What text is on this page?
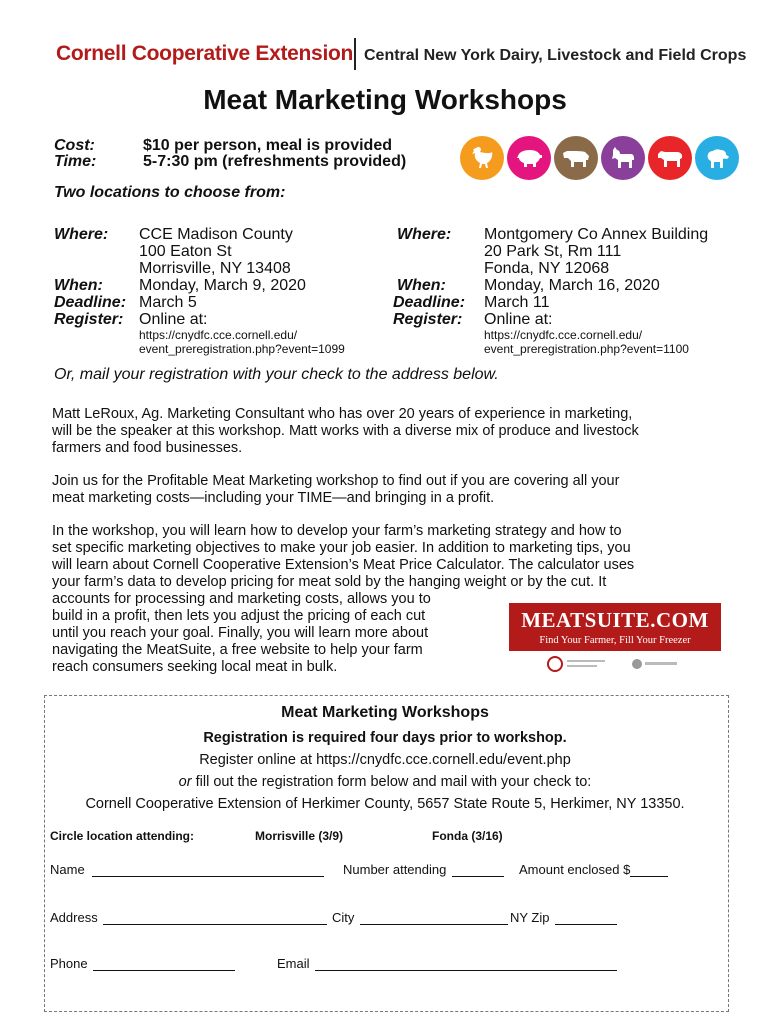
Cornell Cooperative Extension Central New York Dairy, Livestock and Field Crops
Meat Marketing Workshops
Cost:	$10 per person, meal is provided
Time:	5-7:30 pm (refreshments provided)
Two locations to choose from:
Where: CCE Madison County
100 Eaton St
Morrisville, NY 13408
When: Monday, March 9, 2020
Deadline: March 5
Register: Online at:
https://cnydfc.cce.cornell.edu/
event_preregistration.php?event=1099
Where: Montgomery Co Annex Building
20 Park St, Rm 111
Fonda, NY 12068
When: Monday, March 16, 2020
Deadline: March 11
Register: Online at:
https://cnydfc.cce.cornell.edu/
event_preregistration.php?event=1100
Or, mail your registration with your check to the address below.
Matt LeRoux, Ag. Marketing Consultant who has over 20 years of experience in marketing,
will be the speaker at this workshop. Matt works with a diverse mix of produce and livestock
farmers and food businesses.
Join us for the Profitable Meat Marketing workshop to find out if you are covering all your
meat marketing costs—including your TIME—and bringing in a profit.
In the workshop, you will learn how to develop your farm’s marketing strategy and how to
set specific marketing objectives to make your job easier. In addition to marketing tips, you
will learn about Cornell Cooperative Extension’s Meat Price Calculator. The calculator uses
your farm’s data to develop pricing for meat sold by the hanging weight or by the cut. It
accounts for processing and marketing costs, allows you to
build in a profit, then lets you adjust the pricing of each cut
until you reach your goal. Finally, you will learn more about
navigating the MeatSuite, a free website to help your farm
reach consumers seeking local meat in bulk.
MEATSUITE.COM
Find Your Farmer, Fill Your Freezer
Meat Marketing Workshops
Registration is required four days prior to workshop.
Register online at https://cnydfc.cce.cornell.edu/event.php
or fill out the registration form below and mail with your check to:
Cornell Cooperative Extension of Herkimer County, 5657 State Route 5, Herkimer, NY 13350.
Circle location attending:	Morrisville (3/9)	Fonda (3/16)
Name	Number attending	Amount enclosed $
Address	City	NY Zip
Phone	Email
